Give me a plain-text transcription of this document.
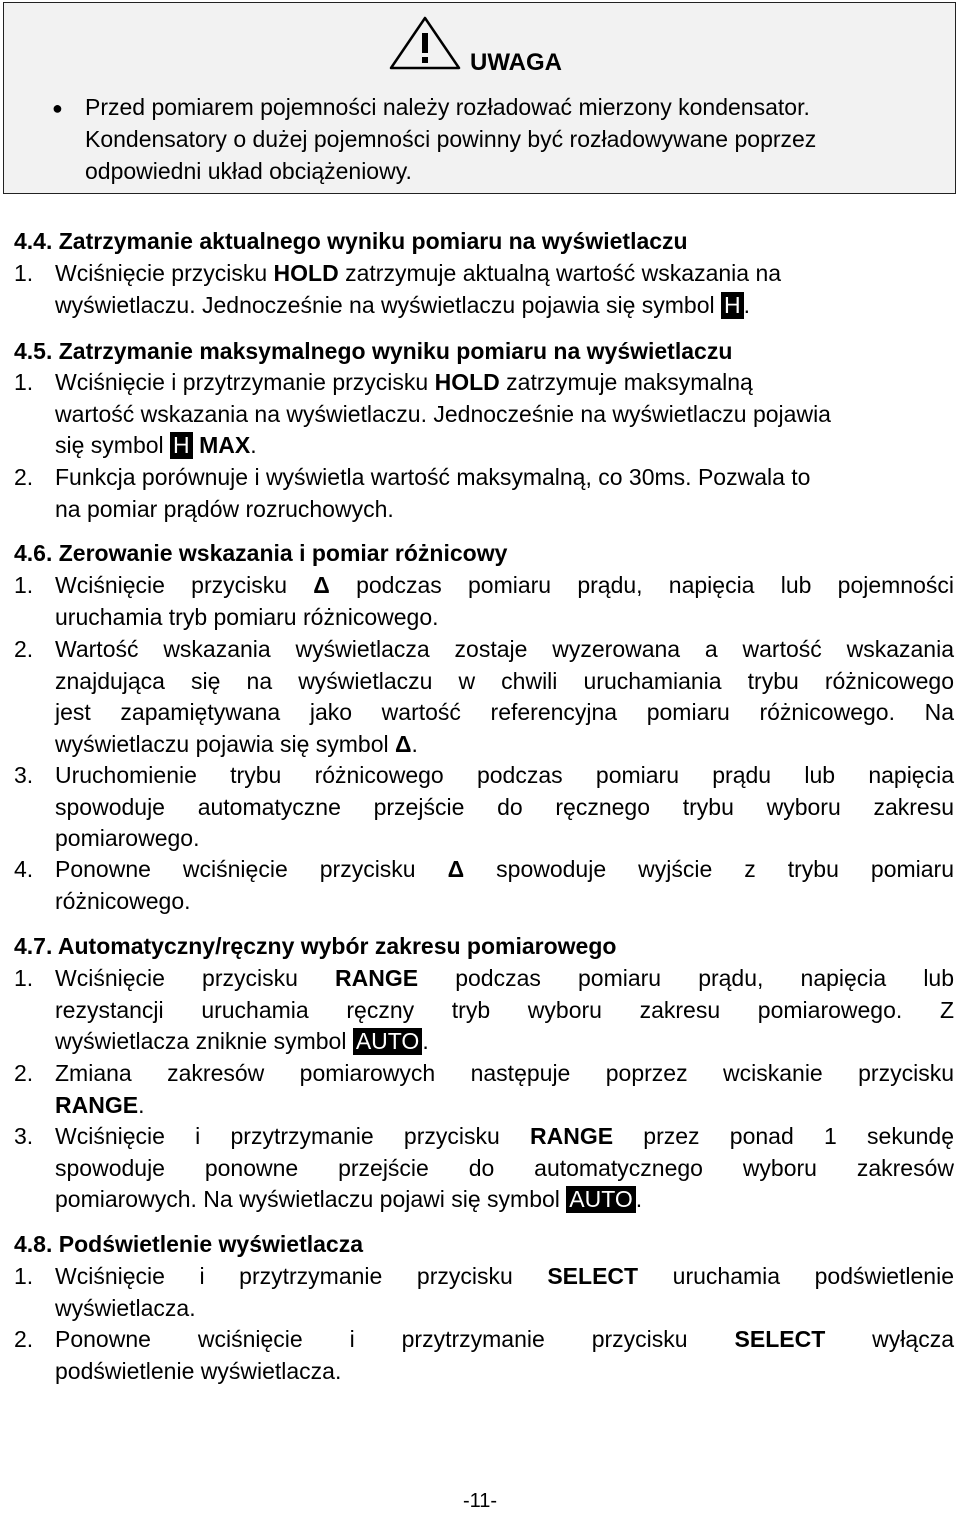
UWAGA
● Przed pomiarem pojemności należy rozładować mierzony kondensator.
Kondensatory o dużej pojemności powinny być rozładowywane poprzez
odpowiedni układ obciążeniowy.
4.4. Zatrzymanie aktualnego wyniku pomiaru na wyświetlaczu
1. Wciśnięcie przycisku HOLD zatrzymuje aktualną wartość wskazania na
wyświetlaczu. Jednocześnie na wyświetlaczu pojawia się symbol H .
4.5. Zatrzymanie maksymalnego wyniku pomiaru na wyświetlaczu
1. Wciśnięcie i przytrzymanie przycisku HOLD zatrzymuje maksymalną
wartość wskazania na wyświetlaczu. Jednocześnie na wyświetlaczu pojawia
się symbol H MAX.
2. Funkcja porównuje i wyświetla wartość maksymalną, co 30ms. Pozwala to
na pomiar prądów rozruchowych.
4.6. Zerowanie wskazania i pomiar różnicowy
1. Wciśnięcie przycisku Δ podczas pomiaru prądu, napięcia lub pojemności
uruchamia tryb pomiaru różnicowego.
2. Wartość wskazania wyświetlacza zostaje wyzerowana a wartość wskazania
znajdująca się na wyświetlaczu w chwili uruchamiania trybu różnicowego
jest zapamiętywana jako wartość referencyjna pomiaru różnicowego. Na
wyświetlaczu pojawia się symbol Δ.
3. Uruchomienie trybu różnicowego podczas pomiaru prądu lub napięcia
spowoduje automatyczne przejście do ręcznego trybu wyboru zakresu
pomiarowego.
4. Ponowne wciśnięcie przycisku Δ spowoduje wyjście z trybu pomiaru
różnicowego.
4.7. Automatyczny/ręczny wybór zakresu pomiarowego
1. Wciśnięcie przycisku RANGE podczas pomiaru prądu, napięcia lub
rezystancji uruchamia ręczny tryb wyboru zakresu pomiarowego. Z
wyświetlacza zniknie symbol AUTO .
2. Zmiana zakresów pomiarowych następuje poprzez wciskanie przycisku
RANGE.
3. Wciśnięcie i przytrzymanie przycisku RANGE przez ponad 1 sekundę
spowoduje ponowne przejście do automatycznego wyboru zakresów
pomiarowych. Na wyświetlaczu pojawi się symbol AUTO .
4.8. Podświetlenie wyświetlacza
1. Wciśnięcie i przytrzymanie przycisku SELECT uruchamia podświetlenie
wyświetlacza.
2. Ponowne wciśnięcie i przytrzymanie przycisku SELECT wyłącza
podświetlenie wyświetlacza.
-11-
